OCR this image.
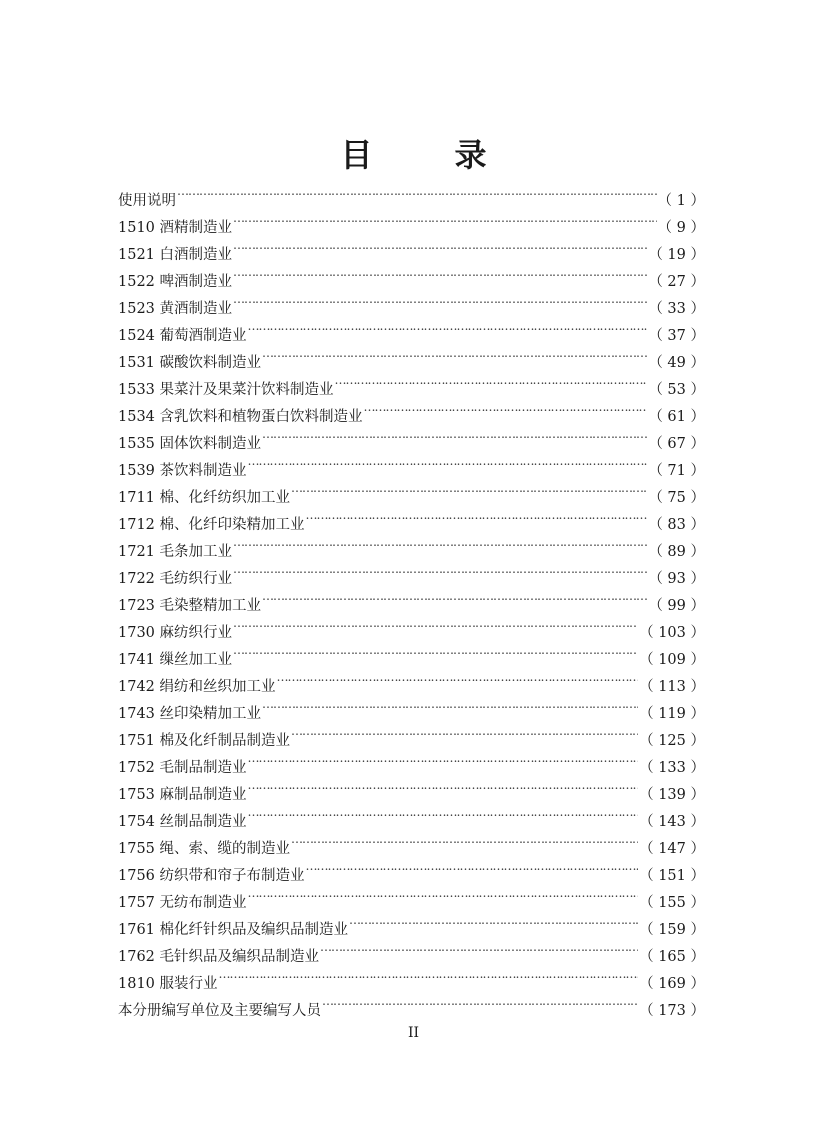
目	录
使用说明 ……………………………………………………………………………………………………………………………………………………………………………………………………………………………………………………………………………	（ 1 ）
1510 酒精制造业 ……………………………………………………………………………………………………………………………………………………………………………………………………………………………………………………………………………	（ 9 ）
1521 白酒制造业 ……………………………………………………………………………………………………………………………………………………………………………………………………………………………………………………………………………	（ 19 ）
1522 啤酒制造业 ……………………………………………………………………………………………………………………………………………………………………………………………………………………………………………………………………………	（ 27 ）
1523 黄酒制造业 ……………………………………………………………………………………………………………………………………………………………………………………………………………………………………………………………………………	（ 33 ）
1524 葡萄酒制造业 ……………………………………………………………………………………………………………………………………………………………………………………………………………………………………………………………………………	（ 37 ）
1531 碳酸饮料制造业 ……………………………………………………………………………………………………………………………………………………………………………………………………………………………………………………………………………	（ 49 ）
1533 果菜汁及果菜汁饮料制造业 ……………………………………………………………………………………………………………………………………………………………………………………………………………………………………………………………………………	（ 53 ）
1534 含乳饮料和植物蛋白饮料制造业 ……………………………………………………………………………………………………………………………………………………………………………………………………………………………………………………………………………	（ 61 ）
1535 固体饮料制造业 ……………………………………………………………………………………………………………………………………………………………………………………………………………………………………………………………………………	（ 67 ）
1539 茶饮料制造业 ……………………………………………………………………………………………………………………………………………………………………………………………………………………………………………………………………………	（ 71 ）
1711 棉、化纤纺织加工业 ……………………………………………………………………………………………………………………………………………………………………………………………………………………………………………………………………………	（ 75 ）
1712 棉、化纤印染精加工业 ……………………………………………………………………………………………………………………………………………………………………………………………………………………………………………………………………………	（ 83 ）
1721 毛条加工业 ……………………………………………………………………………………………………………………………………………………………………………………………………………………………………………………………………………	（ 89 ）
1722 毛纺织行业 ……………………………………………………………………………………………………………………………………………………………………………………………………………………………………………………………………………	（ 93 ）
1723 毛染整精加工业 ……………………………………………………………………………………………………………………………………………………………………………………………………………………………………………………………………………	（ 99 ）
1730 麻纺织行业 ……………………………………………………………………………………………………………………………………………………………………………………………………………………………………………………………………………	（ 103 ）
1741 缫丝加工业 ……………………………………………………………………………………………………………………………………………………………………………………………………………………………………………………………………………	（ 109 ）
1742 绢纺和丝织加工业 ……………………………………………………………………………………………………………………………………………………………………………………………………………………………………………………………………………	（ 113 ）
1743 丝印染精加工业 ……………………………………………………………………………………………………………………………………………………………………………………………………………………………………………………………………………	（ 119 ）
1751 棉及化纤制品制造业 ……………………………………………………………………………………………………………………………………………………………………………………………………………………………………………………………………………	（ 125 ）
1752 毛制品制造业 ……………………………………………………………………………………………………………………………………………………………………………………………………………………………………………………………………………	（ 133 ）
1753 麻制品制造业 ……………………………………………………………………………………………………………………………………………………………………………………………………………………………………………………………………………	（ 139 ）
1754 丝制品制造业 ……………………………………………………………………………………………………………………………………………………………………………………………………………………………………………………………………………	（ 143 ）
1755 绳、索、缆的制造业 ……………………………………………………………………………………………………………………………………………………………………………………………………………………………………………………………………………	（ 147 ）
1756 纺织带和帘子布制造业 ……………………………………………………………………………………………………………………………………………………………………………………………………………………………………………………………………………	（ 151 ）
1757 无纺布制造业 ……………………………………………………………………………………………………………………………………………………………………………………………………………………………………………………………………………	（ 155 ）
1761 棉化纤针织品及编织品制造业 ……………………………………………………………………………………………………………………………………………………………………………………………………………………………………………………………………………	（ 159 ）
1762 毛针织品及编织品制造业 ……………………………………………………………………………………………………………………………………………………………………………………………………………………………………………………………………………	（ 165 ）
1810 服装行业 ……………………………………………………………………………………………………………………………………………………………………………………………………………………………………………………………………………	（ 169 ）
本分册编写单位及主要编写人员 ……………………………………………………………………………………………………………………………………………………………………………………………………………………………………………………………………………	（ 173 ）
II
